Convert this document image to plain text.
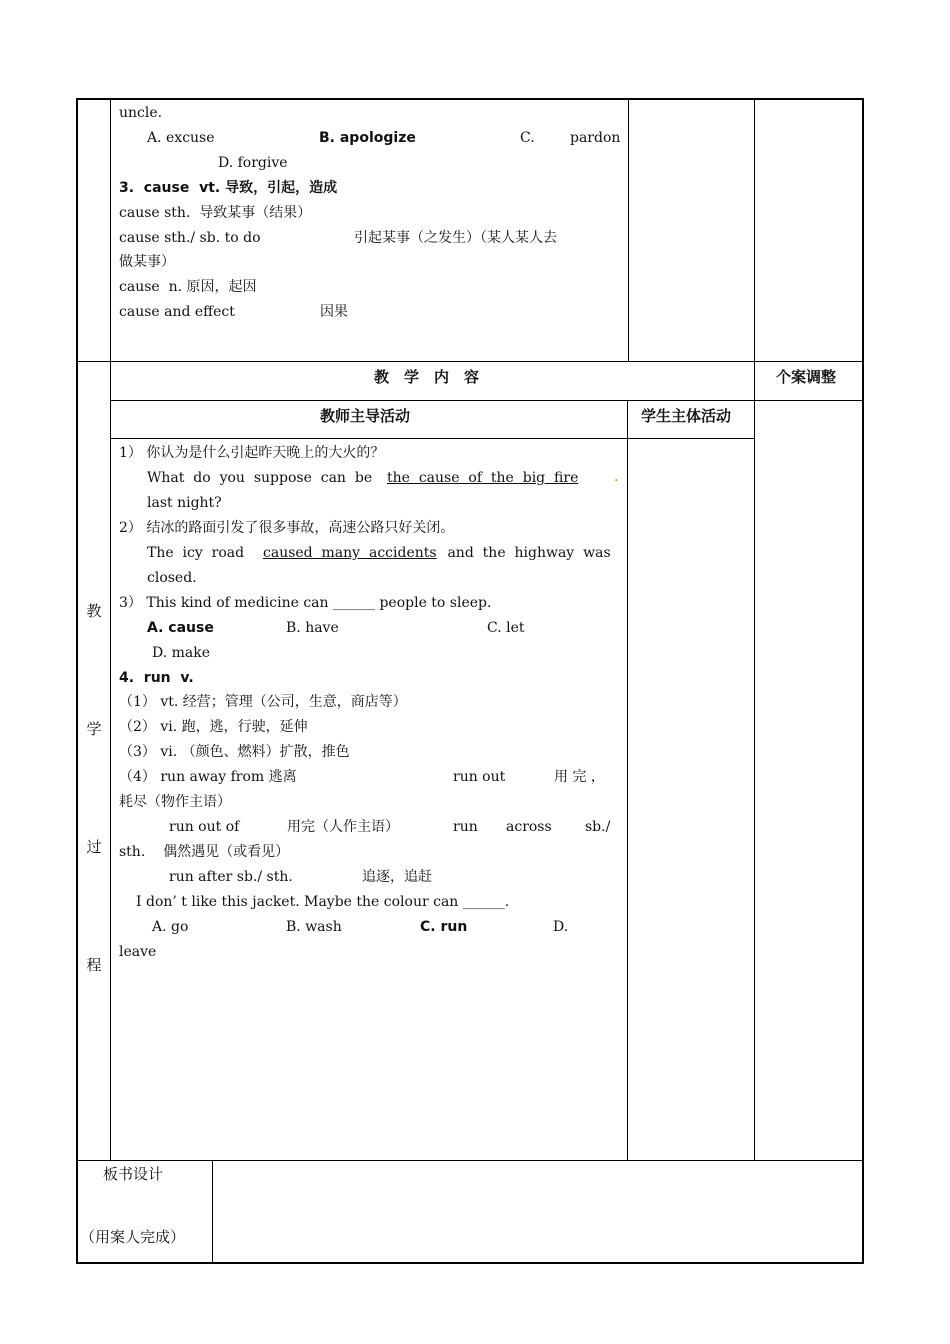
uncle.
A. excuse	B. apologize	C.	pardon
D. forgive
3.  cause  vt. 导致，引起，造成
cause sth.  导致某事（结果）
cause sth./ sb. to do	引起某事（之发生）（某人某人去
做某事）
cause  n. 原因，起因
cause and effect	因果
教　学　内　容	个案调整
教师主导活动	学生主体活动
教
学
过
程
1） 你认为是什么引起昨天晚上的大火的？
What  do  you  suppose  can  be the  cause  of  the  big  fire	.
last night?
2） 结冰的路面引发了很多事故，高速公路只好关闭。
The  icy  road caused  many  accidents and  the  highway  was
closed.
3） This kind of medicine can ______ people to sleep.
A. cause	B. have	C. let
D. make
4.  run  v.
（1） vt. 经营；管理（公司，生意，商店等）
（2） vi. 跑，逃，行驶，延伸
（3） vi. （颜色、燃料）扩散，推色
（4） run away from 逃离	run out	用 完 ，
耗尽（物作主语）
run out of	用完（人作主语）	run across sb./
sth.    偶然遇见（或看见）
run after sb./ sth.	追逐，追赶
I don’ t like this jacket. Maybe the colour can ______.
A. go	B. wash	C. run	D.
leave
板书设计
（用案人完成）
